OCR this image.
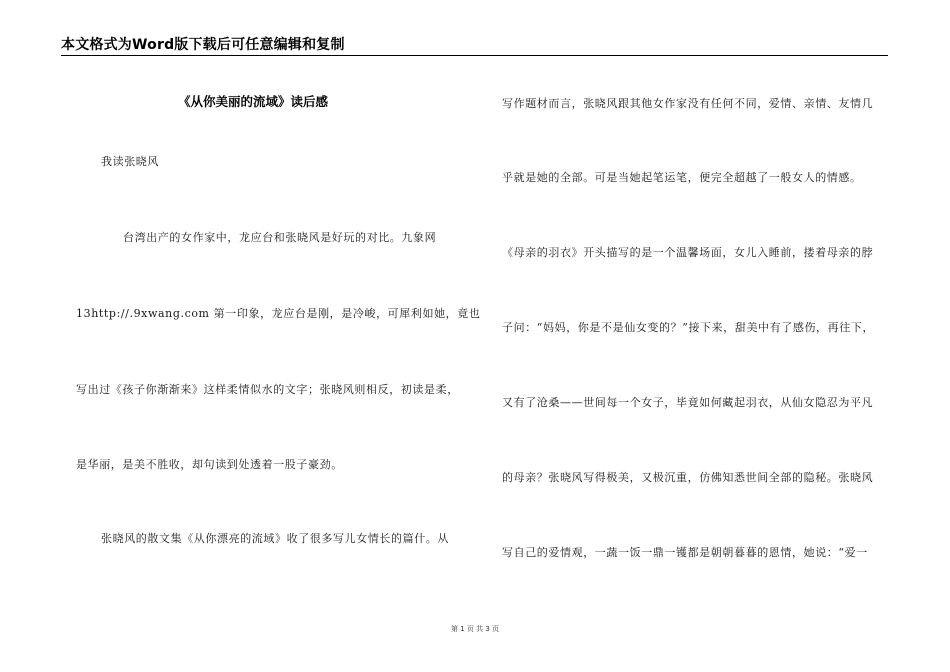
本文格式为Word版下载后可任意编辑和复制
《从你美丽的流域》读后感
我读张晓风
台湾出产的女作家中，龙应台和张晓风是好玩的对比。九象网
13http://.9xwang.com 第一印象，龙应台是刚，是冷峻，可犀利如她，竟也
写出过《孩子你渐渐来》这样柔情似水的文字；张晓风则相反，初读是柔，
是华丽，是美不胜收，却句读到处透着一股子豪劲。
张晓风的散文集《从你漂亮的流域》收了很多写儿女情长的篇什。从
写作题材而言，张晓风跟其他女作家没有任何不同，爱情、亲情、友情几
乎就是她的全部。可是当她起笔运笔，便完全超越了一般女人的情感。
《母亲的羽衣》开头描写的是一个温馨场面，女儿入睡前，搂着母亲的脖
子问：“妈妈，你是不是仙女变的？”接下来，甜美中有了感伤，再往下，
又有了沧桑——世间每一个女子，毕竟如何藏起羽衣，从仙女隐忍为平凡
的母亲？张晓风写得极美，又极沉重，仿佛知悉世间全部的隐秘。张晓风
写自己的爱情观，一蔬一饭一鼎一镬都是朝朝暮暮的恩情，她说：“爱一
第 1 页 共 3 页
